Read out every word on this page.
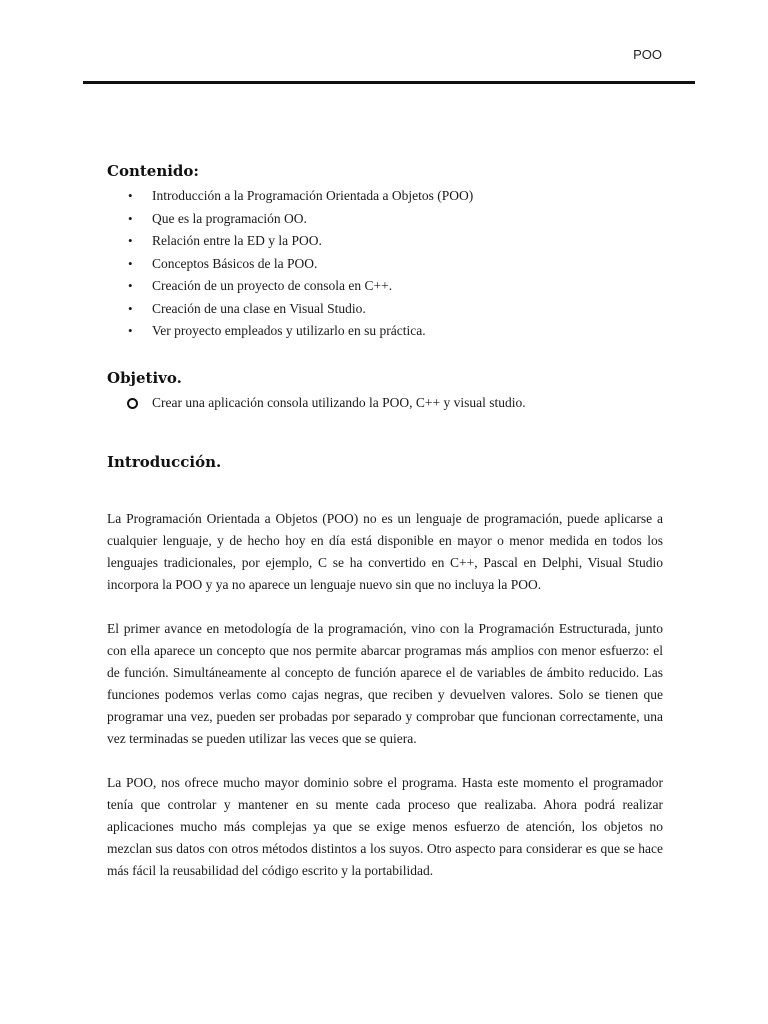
POO
Contenido:
• Introducción a la Programación Orientada a Objetos (POO)
• Que es la programación OO.
• Relación entre la ED y la POO.
• Conceptos Básicos de la POO.
• Creación de un proyecto de consola en C++.
• Creación de una clase en Visual Studio.
• Ver proyecto empleados y utilizarlo en su práctica.
Objetivo.
Crear una aplicación consola utilizando la POO, C++ y visual studio.
Introducción.

La Programación Orientada a Objetos (POO) no es un lenguaje de programación, puede aplicarse a cualquier lenguaje, y de hecho hoy en día está disponible en mayor o menor medida en todos los lenguajes tradicionales, por ejemplo, C se ha convertido en C++, Pascal en Delphi, Visual Studio incorpora la POO y ya no aparece un lenguaje nuevo sin que no incluya la POO.

El primer avance en metodología de la programación, vino con la Programación Estructurada, junto con ella aparece un concepto que nos permite abarcar programas más amplios con menor esfuerzo: el de función. Simultáneamente al concepto de función aparece el de variables de ámbito reducido. Las funciones podemos verlas como cajas negras, que reciben y devuelven valores. Solo se tienen que programar una vez, pueden ser probadas por separado y comprobar que funcionan correctamente, una vez terminadas se pueden utilizar las veces que se quiera.

La POO, nos ofrece mucho mayor dominio sobre el programa. Hasta este momento el programador tenía que controlar y mantener en su mente cada proceso que realizaba. Ahora podrá realizar aplicaciones mucho más complejas ya que se exige menos esfuerzo de atención, los objetos no mezclan sus datos con otros métodos distintos a los suyos. Otro aspecto para considerar es que se hace más fácil la reusabilidad del código escrito y la portabilidad.
